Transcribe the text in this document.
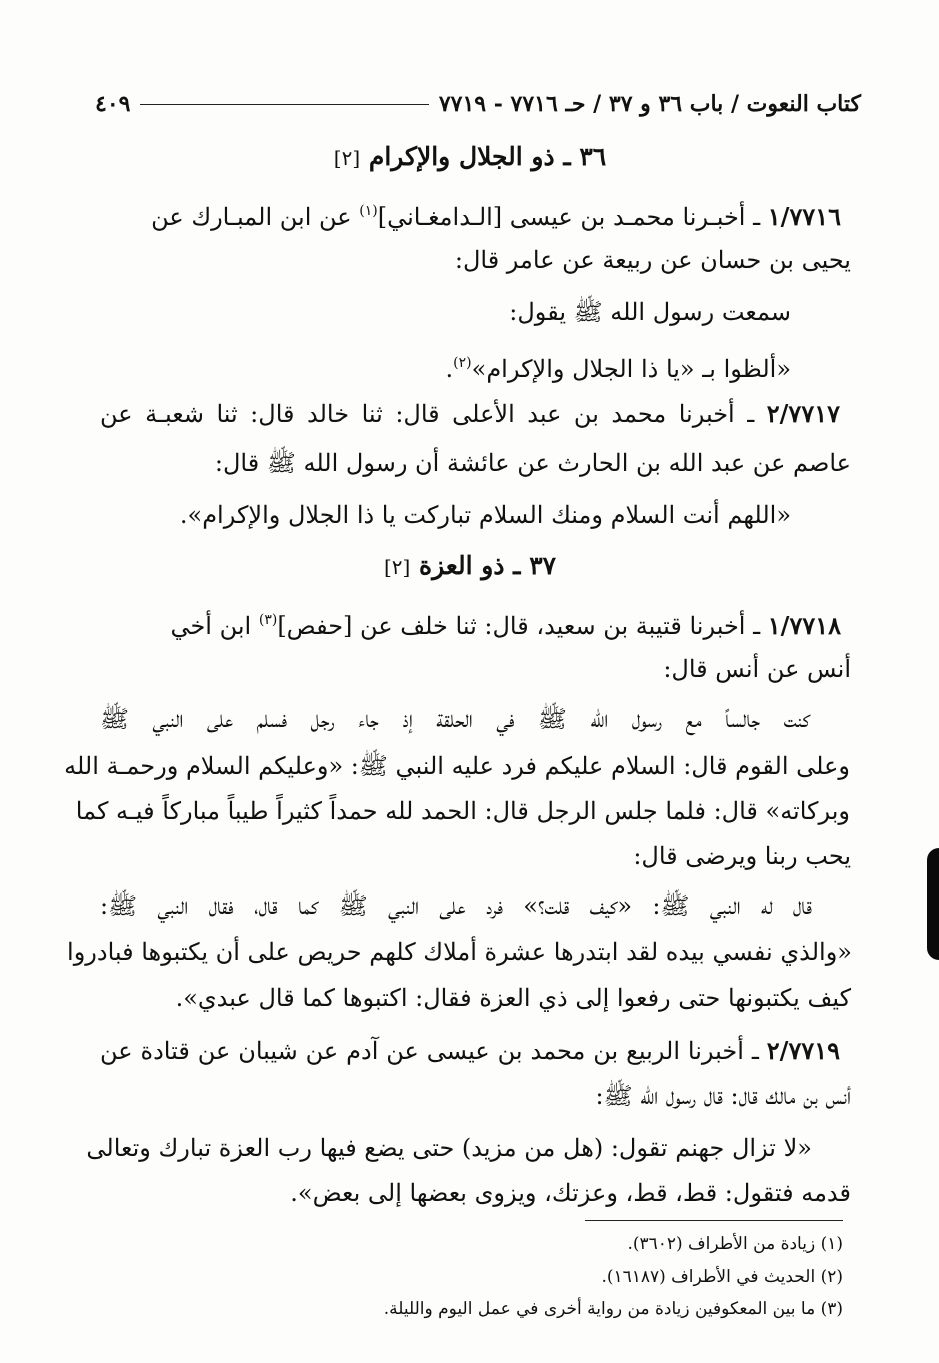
كتاب النعوت / باب ٣٦ و ٣٧ / حـ ٧٧١٦ - ٧٧١٩
٤٠٩
٣٦ ـ ذو الجلال والإكرام [٢]
١/٧٧١٦ ـ أخبـرنا محمـد بن عيسى [الـدامغـاني]$^{(١)}$ عن ابن المبـارك عن
يحيى بن حسان عن ربيعة عن عامر قال:
سمعت رسول الله ﷺ يقول:
«ألظوا بـ «يا ذا الجلال والإكرام»$^{(٢)}$.
٢/٧٧١٧ ـ أخبرنا محمد بن عبد الأعلى قال: ثنا خالد قال: ثنا شعبـة عن
عاصم عن عبد الله بن الحارث عن عائشة أن رسول الله ﷺ قال:
«اللهم أنت السلام ومنك السلام تباركت يا ذا الجلال والإكرام».
٣٧ ـ ذو العزة [٢]
١/٧٧١٨ ـ أخبرنا قتيبة بن سعيد، قال: ثنا خلف عن [حفص]$^{(٣)}$ ابن أخي
أنس عن أنس قال:
كنت جالساً مع رسول الله ﷺ في الحلقة إذ جاء رجل فسلم على النبي ﷺ
وعلى القوم قال: السلام عليكم فرد عليه النبي ﷺ: «وعليكم السلام ورحمـة الله
وبركاته» قال: فلما جلس الرجل قال: الحمد لله حمداً كثيراً طيباً مباركاً فيـه كما
يحب ربنا ويرضى قال:
قال له النبي ﷺ: «كيف قلت؟» فرد على النبي ﷺ كما قال، فقال النبي ﷺ:
«والذي نفسي بيده لقد ابتدرها عشرة أملاك كلهم حريص على أن يكتبوها فبادروا
كيف يكتبونها حتى رفعوا إلى ذي العزة فقال: اكتبوها كما قال عبدي».
٢/٧٧١٩ ـ أخبرنا الربيع بن محمد بن عيسى عن آدم عن شيبان عن قتادة عن
أنس بن مالك قال: قال رسول الله ﷺ:
«لا تزال جهنم تقول: (هل من مزيد) حتى يضع فيها رب العزة تبارك وتعالى
قدمه فتقول: قط، قط، وعزتك، ويزوى بعضها إلى بعض».
(١) زيادة من الأطراف (٣٦٠٢).
(٢) الحديث في الأطراف (١٦١٨٧).
(٣) ما بين المعكوفين زيادة من رواية أخرى في عمل اليوم والليلة.
